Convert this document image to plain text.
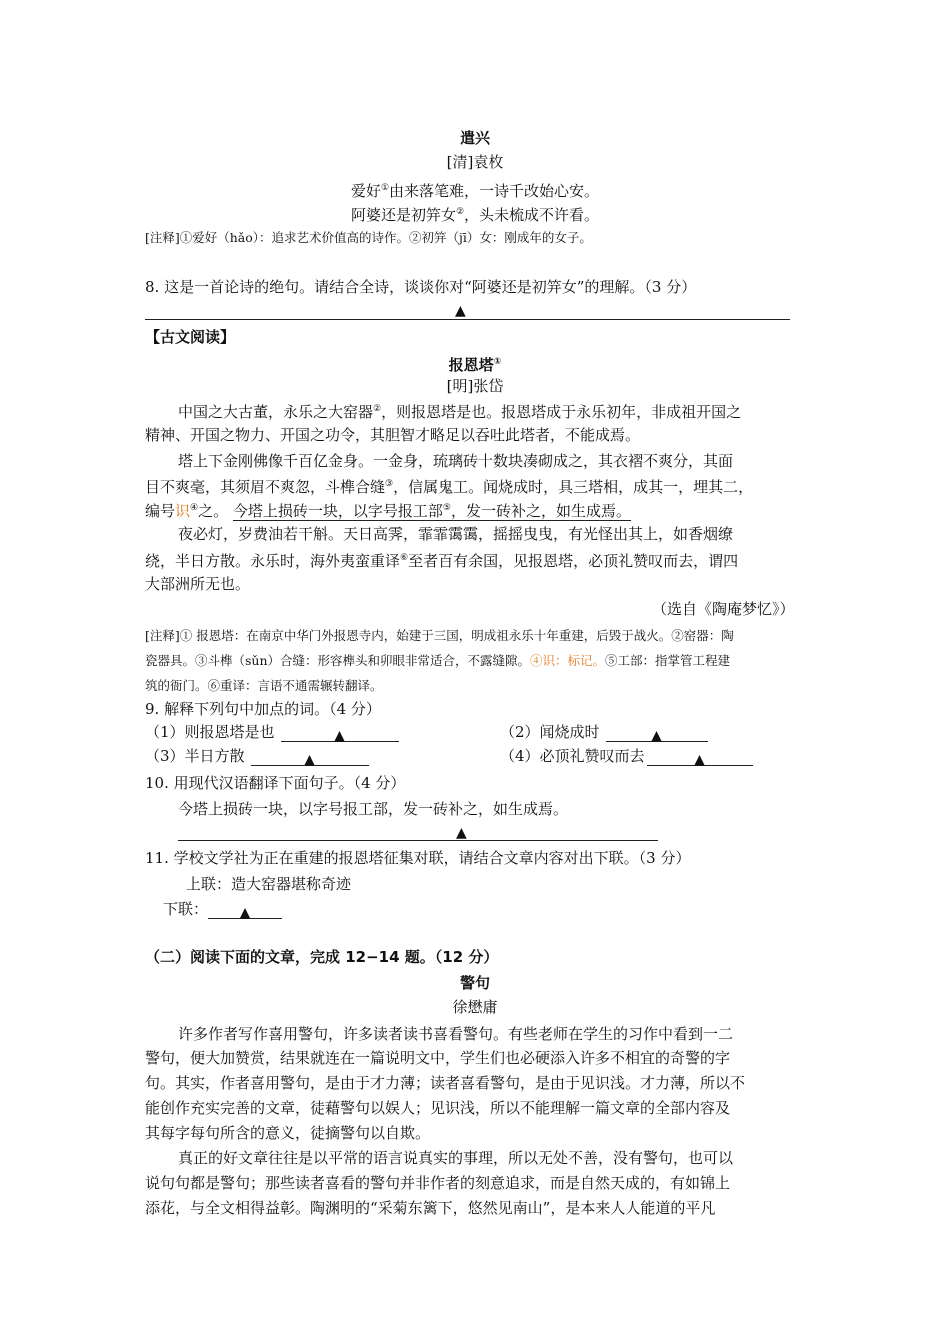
遣兴
[清]袁枚
爱好①由来落笔难，一诗千改始心安。
阿婆还是初笄女②，头未梳成不许看。
[注释]①爱好（hǎo）：追求艺术价值高的诗作。②初笄（jī）女：刚成年的女子。
8. 这是一首论诗的绝句。请结合全诗，谈谈你对“阿婆还是初笄女”的理解。（3 分）
▲
【古文阅读】
报恩塔①
[明]张岱
中国之大古董，永乐之大窑器②，则报恩塔是也。报恩塔成于永乐初年，非成祖开国之
精神、开国之物力、开国之功令，其胆智才略足以吞吐此塔者，不能成焉。
塔上下金刚佛像千百亿金身。一金身，琉璃砖十数块凑砌成之，其衣褶不爽分，其面
目不爽毫，其须眉不爽忽，斗榫合缝③，信属鬼工。闻烧成时，具三塔相，成其一，埋其二，
编号识④之。 今塔上损砖一块，以字号报工部⑤，发一砖补之，如生成焉。
夜必灯，岁费油若干斛。天日高霁，霏霏霭霭，摇摇曳曳，有光怪出其上，如香烟缭
绕，半日方散。永乐时，海外夷蛮重译⑥至者百有余国，见报恩塔，必顶礼赞叹而去，谓四
大部洲所无也。
（选自《陶庵梦忆》）
[注释]① 报恩塔：在南京中华门外报恩寺内，始建于三国，明成祖永乐十年重建，后毁于战火。②窑器：陶
瓷器具。③斗榫（sǔn）合缝：形容榫头和卯眼非常适合，不露缝隙。④识：标记。⑤工部：指掌管工程建
筑的衙门。⑥重译：言语不通需辗转翻译。
9. 解释下列句中加点的词。（4 分）
（1）则报恩塔是也	▲	（2）闻烧成时	▲
（3）半日方散	▲	（4）必顶礼赞叹而去	▲
10. 用现代汉语翻译下面句子。（4 分）
今塔上损砖一块，以字号报工部，发一砖补之，如生成焉。
▲
11. 学校文学社为正在重建的报恩塔征集对联，请结合文章内容对出下联。（3 分）
上联：造大窑器堪称奇迹
下联： ▲
（二）阅读下面的文章，完成 12−14 题。（12 分）
警句
徐懋庸
许多作者写作喜用警句，许多读者读书喜看警句。有些老师在学生的习作中看到一二
警句，便大加赞赏，结果就连在一篇说明文中，学生们也必硬添入许多不相宜的奇警的字
句。其实，作者喜用警句，是由于才力薄；读者喜看警句，是由于见识浅。才力薄，所以不
能创作充实完善的文章，徒藉警句以娱人；见识浅，所以不能理解一篇文章的全部内容及
其每字每句所含的意义，徒摘警句以自欺。
真正的好文章往往是以平常的语言说真实的事理，所以无处不善，没有警句，也可以
说句句都是警句；那些读者喜看的警句并非作者的刻意追求，而是自然天成的，有如锦上
添花，与全文相得益彰。陶渊明的“采菊东篱下，悠然见南山”，是本来人人能道的平凡
